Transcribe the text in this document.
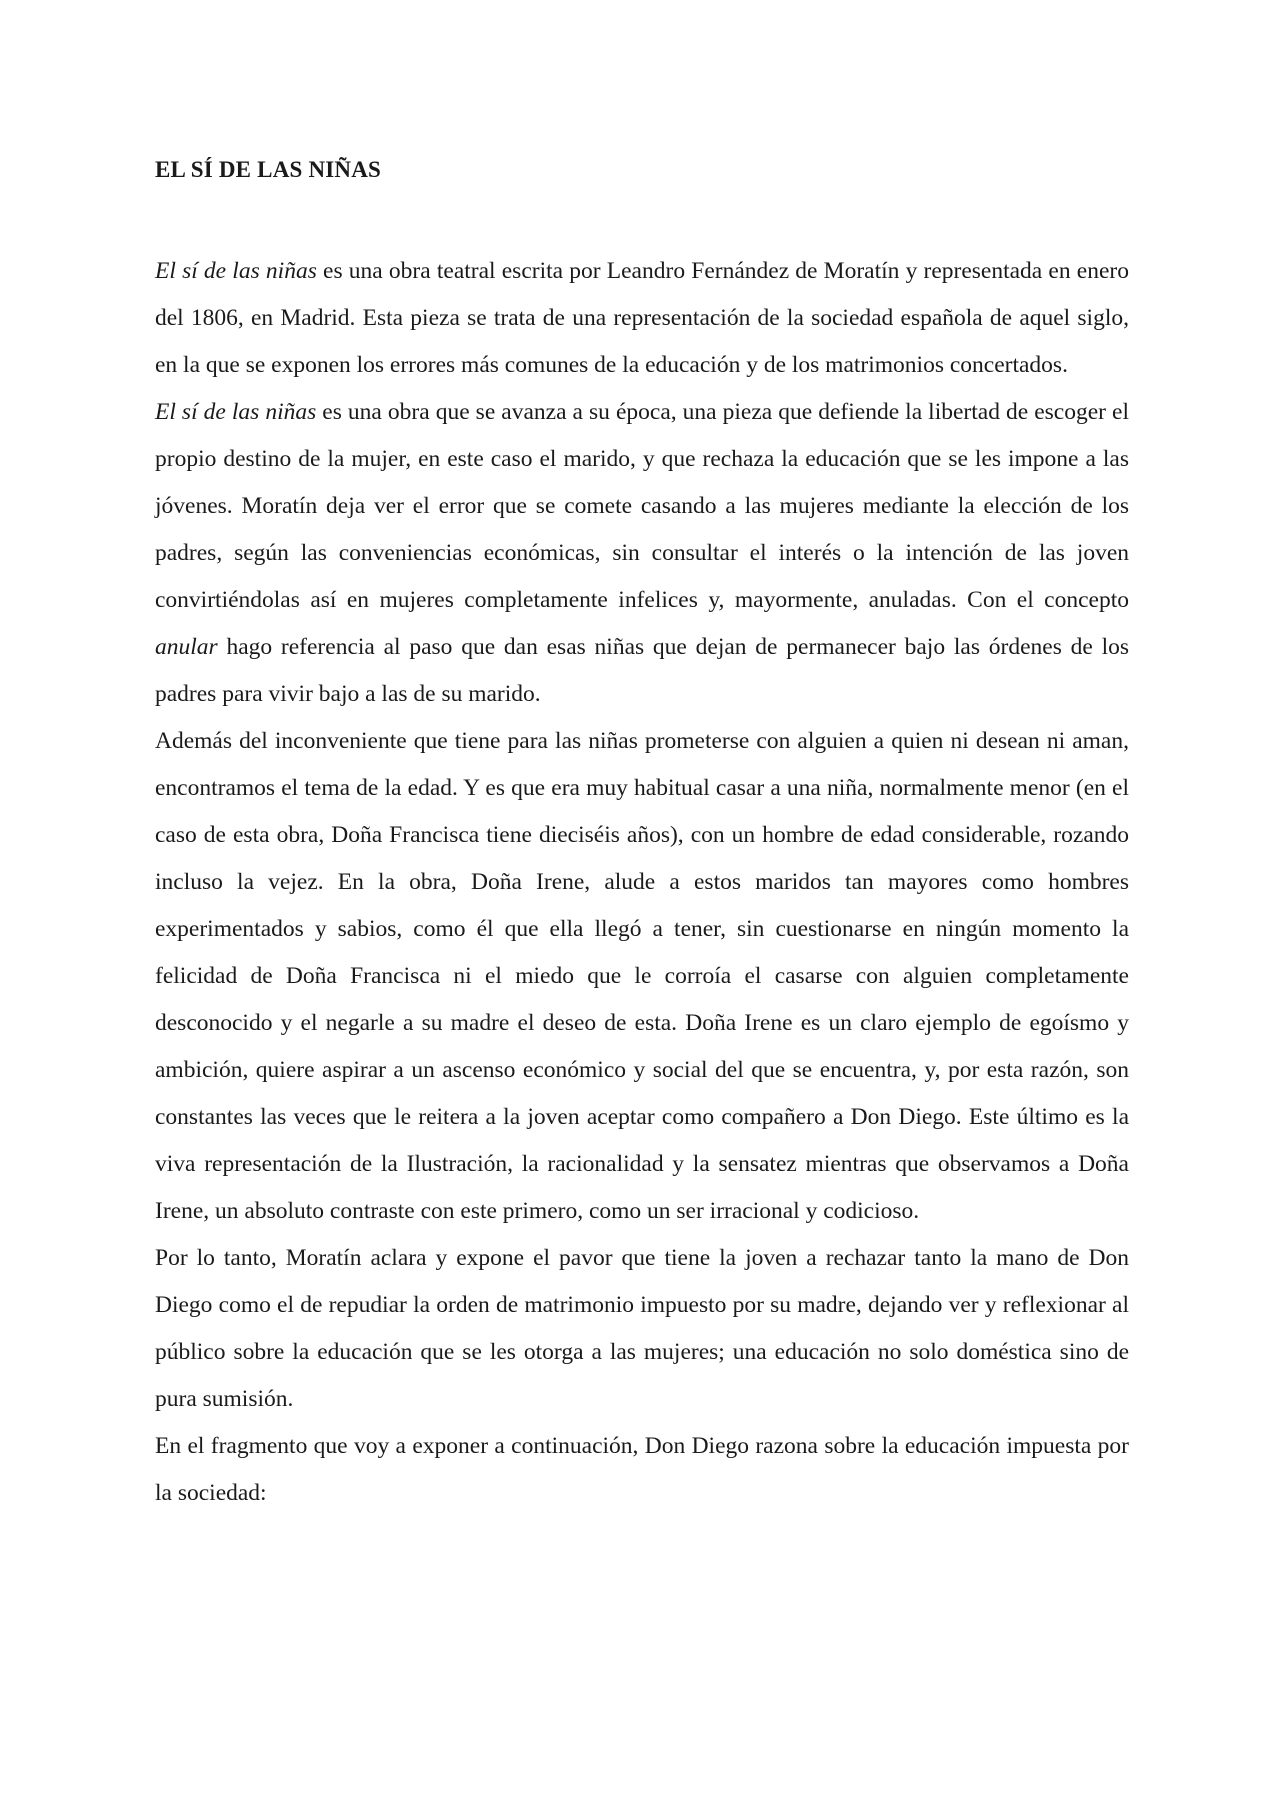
EL SÍ DE LAS NIÑAS

El sí de las niñas es una obra teatral escrita por Leandro Fernández de Moratín y representada en enero del 1806, en Madrid. Esta pieza se trata de una representación de la sociedad española de aquel siglo, en la que se exponen los errores más comunes de la educación y de los matrimonios concertados.

El sí de las niñas es una obra que se avanza a su época, una pieza que defiende la libertad de escoger el propio destino de la mujer, en este caso el marido, y que rechaza la educación que se les impone a las jóvenes. Moratín deja ver el error que se comete casando a las mujeres mediante la elección de los padres, según las conveniencias económicas, sin consultar el interés o la intención de las joven convirtiéndolas así en mujeres completamente infelices y, mayormente, anuladas. Con el concepto anular hago referencia al paso que dan esas niñas que dejan de permanecer bajo las órdenes de los padres para vivir bajo a las de su marido.

Además del inconveniente que tiene para las niñas prometerse con alguien a quien ni desean ni aman, encontramos el tema de la edad. Y es que era muy habitual casar a una niña, normalmente menor (en el caso de esta obra, Doña Francisca tiene dieciséis años), con un hombre de edad considerable, rozando incluso la vejez. En la obra, Doña Irene, alude a estos maridos tan mayores como hombres experimentados y sabios, como él que ella llegó a tener, sin cuestionarse en ningún momento la felicidad de Doña Francisca ni el miedo que le corroía el casarse con alguien completamente desconocido y el negarle a su madre el deseo de esta. Doña Irene es un claro ejemplo de egoísmo y ambición, quiere aspirar a un ascenso económico y social del que se encuentra, y, por esta razón, son constantes las veces que le reitera a la joven aceptar como compañero a Don Diego. Este último es la viva representación de la Ilustración, la racionalidad y la sensatez mientras que observamos a Doña Irene, un absoluto contraste con este primero, como un ser irracional y codicioso.

Por lo tanto, Moratín aclara y expone el pavor que tiene la joven a rechazar tanto la mano de Don Diego como el de repudiar la orden de matrimonio impuesto por su madre, dejando ver y reflexionar al público sobre la educación que se les otorga a las mujeres; una educación no solo doméstica sino de pura sumisión.

En el fragmento que voy a exponer a continuación, Don Diego razona sobre la educación impuesta por la sociedad:
